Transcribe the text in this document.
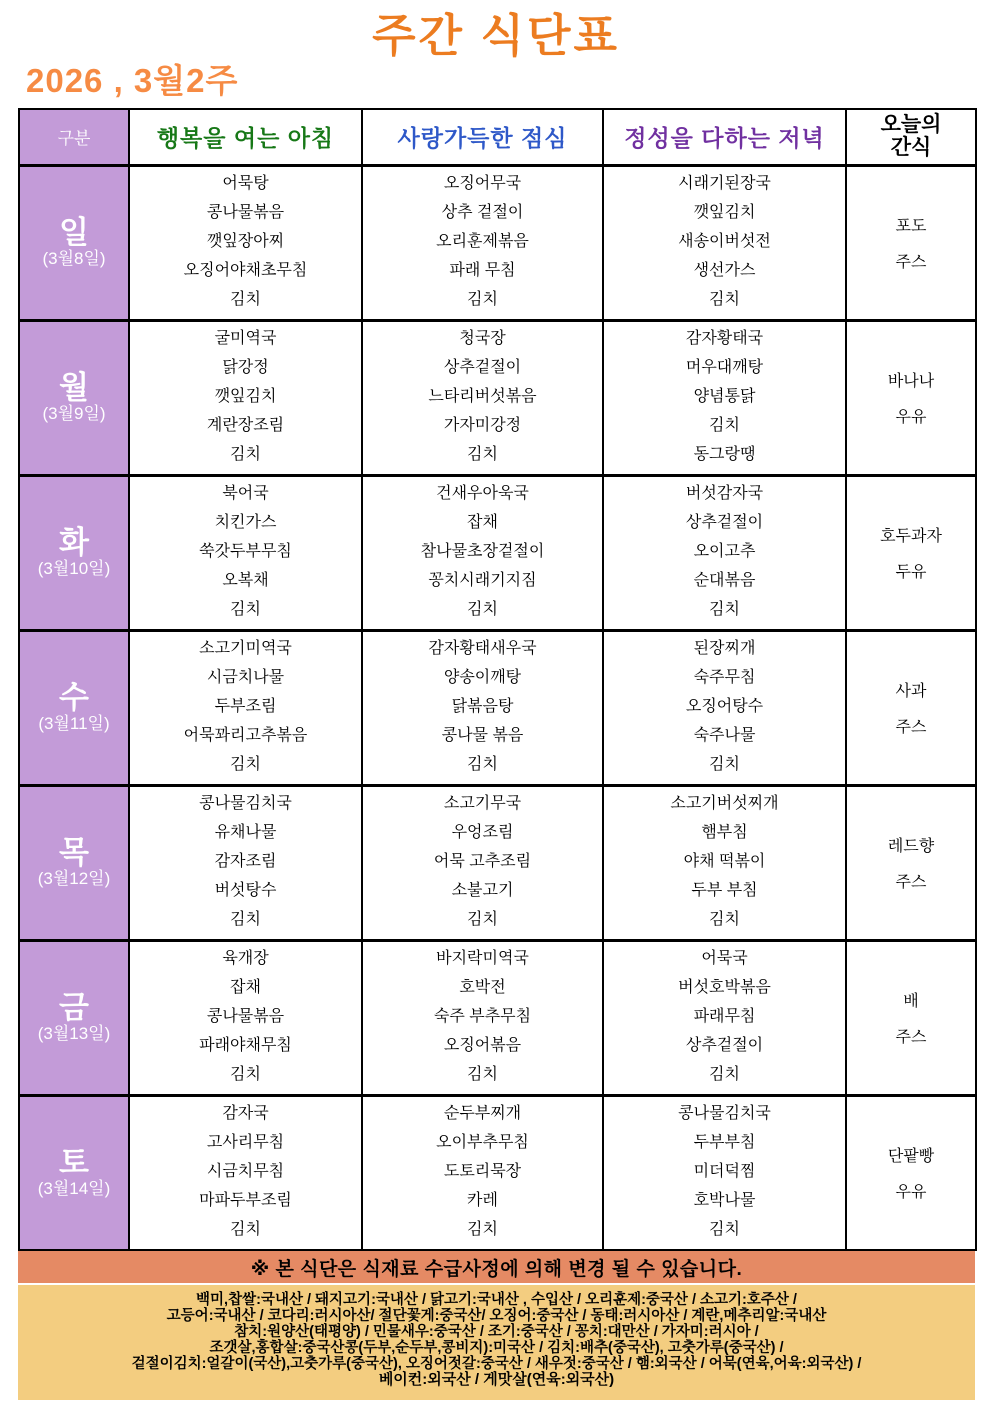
주간 식단표
2026 , 3월2주
구분	행복을 여는 아침	사랑가득한 점심	정성을 다하는 저녁	오늘의
간식

일
(3월8일)

어묵탕
콩나물볶음
깻잎장아찌
오징어야채초무침
김치

오징어무국
상추 겉절이
오리훈제볶음
파래 무침
김치

시래기된장국
깻잎김치
새송이버섯전
생선가스
김치

포도
주스

월
(3월9일)

굴미역국
닭강정
깻잎김치
계란장조림
김치

청국장
상추겉절이
느타리버섯볶음
가자미강정
김치

감자황태국
머우대깨탕
양념통닭
김치
동그랑땡

바나나
우유

화
(3월10일)

북어국
치킨가스
쑥갓두부무침
오복채
김치

건새우아욱국
잡채
참나물초장겉절이
꽁치시래기지짐
김치

버섯감자국
상추겉절이
오이고추
순대볶음
김치

호두과자
두유

수
(3월11일)

소고기미역국
시금치나물
두부조림
어묵꽈리고추볶음
김치

감자황태새우국
양송이깨탕
닭볶음탕
콩나물 볶음
김치

된장찌개
숙주무침
오징어탕수
숙주나물
김치

사과
주스

목
(3월12일)

콩나물김치국
유채나물
감자조림
버섯탕수
김치

소고기무국
우엉조림
어묵 고추조림
소불고기
김치

소고기버섯찌개
햄부침
야채 떡볶이
두부 부침
김치

레드향
주스

금
(3월13일)

육개장
잡채
콩나물볶음
파래야채무침
김치

바지락미역국
호박전
숙주 부추무침
오징어볶음
김치

어묵국
버섯호박볶음
파래무침
상추겉절이
김치

배
주스

토
(3월14일)

감자국
고사리무침
시금치무침
마파두부조림
김치

순두부찌개
오이부추무침
도토리묵장
카레
김치

콩나물김치국
두부부침
미더덕찜
호박나물
김치

단팥빵
우유
※ 본 식단은 식재료 수급사정에 의해 변경 될 수 있습니다.
백미,찹쌀:국내산 / 돼지고기:국내산 / 닭고기:국내산 , 수입산 / 오리훈제:중국산 / 소고기:호주산 /
고등어:국내산 / 코다리:러시아산/ 절단꽃게:중국산/ 오징어:중국산 / 동태:러시아산 / 계란,메추리알:국내산
참치:원양산(태평양) / 민물새우:중국산 / 조기:중국산 / 꽁치:대만산 / 가자미:러시아 /
조갯살,홍합살:중국산콩(두부,순두부,콩비지):미국산 / 김치:배추(중국산), 고춧가루(중국산) /
겉절이김치:얼갈이(국산),고춧가루(중국산), 오징어젓갈:중국산 / 새우젓:중국산 / 햄:외국산 / 어묵(연육,어육:외국산) /
베이컨:외국산 / 게맛살(연육:외국산)
